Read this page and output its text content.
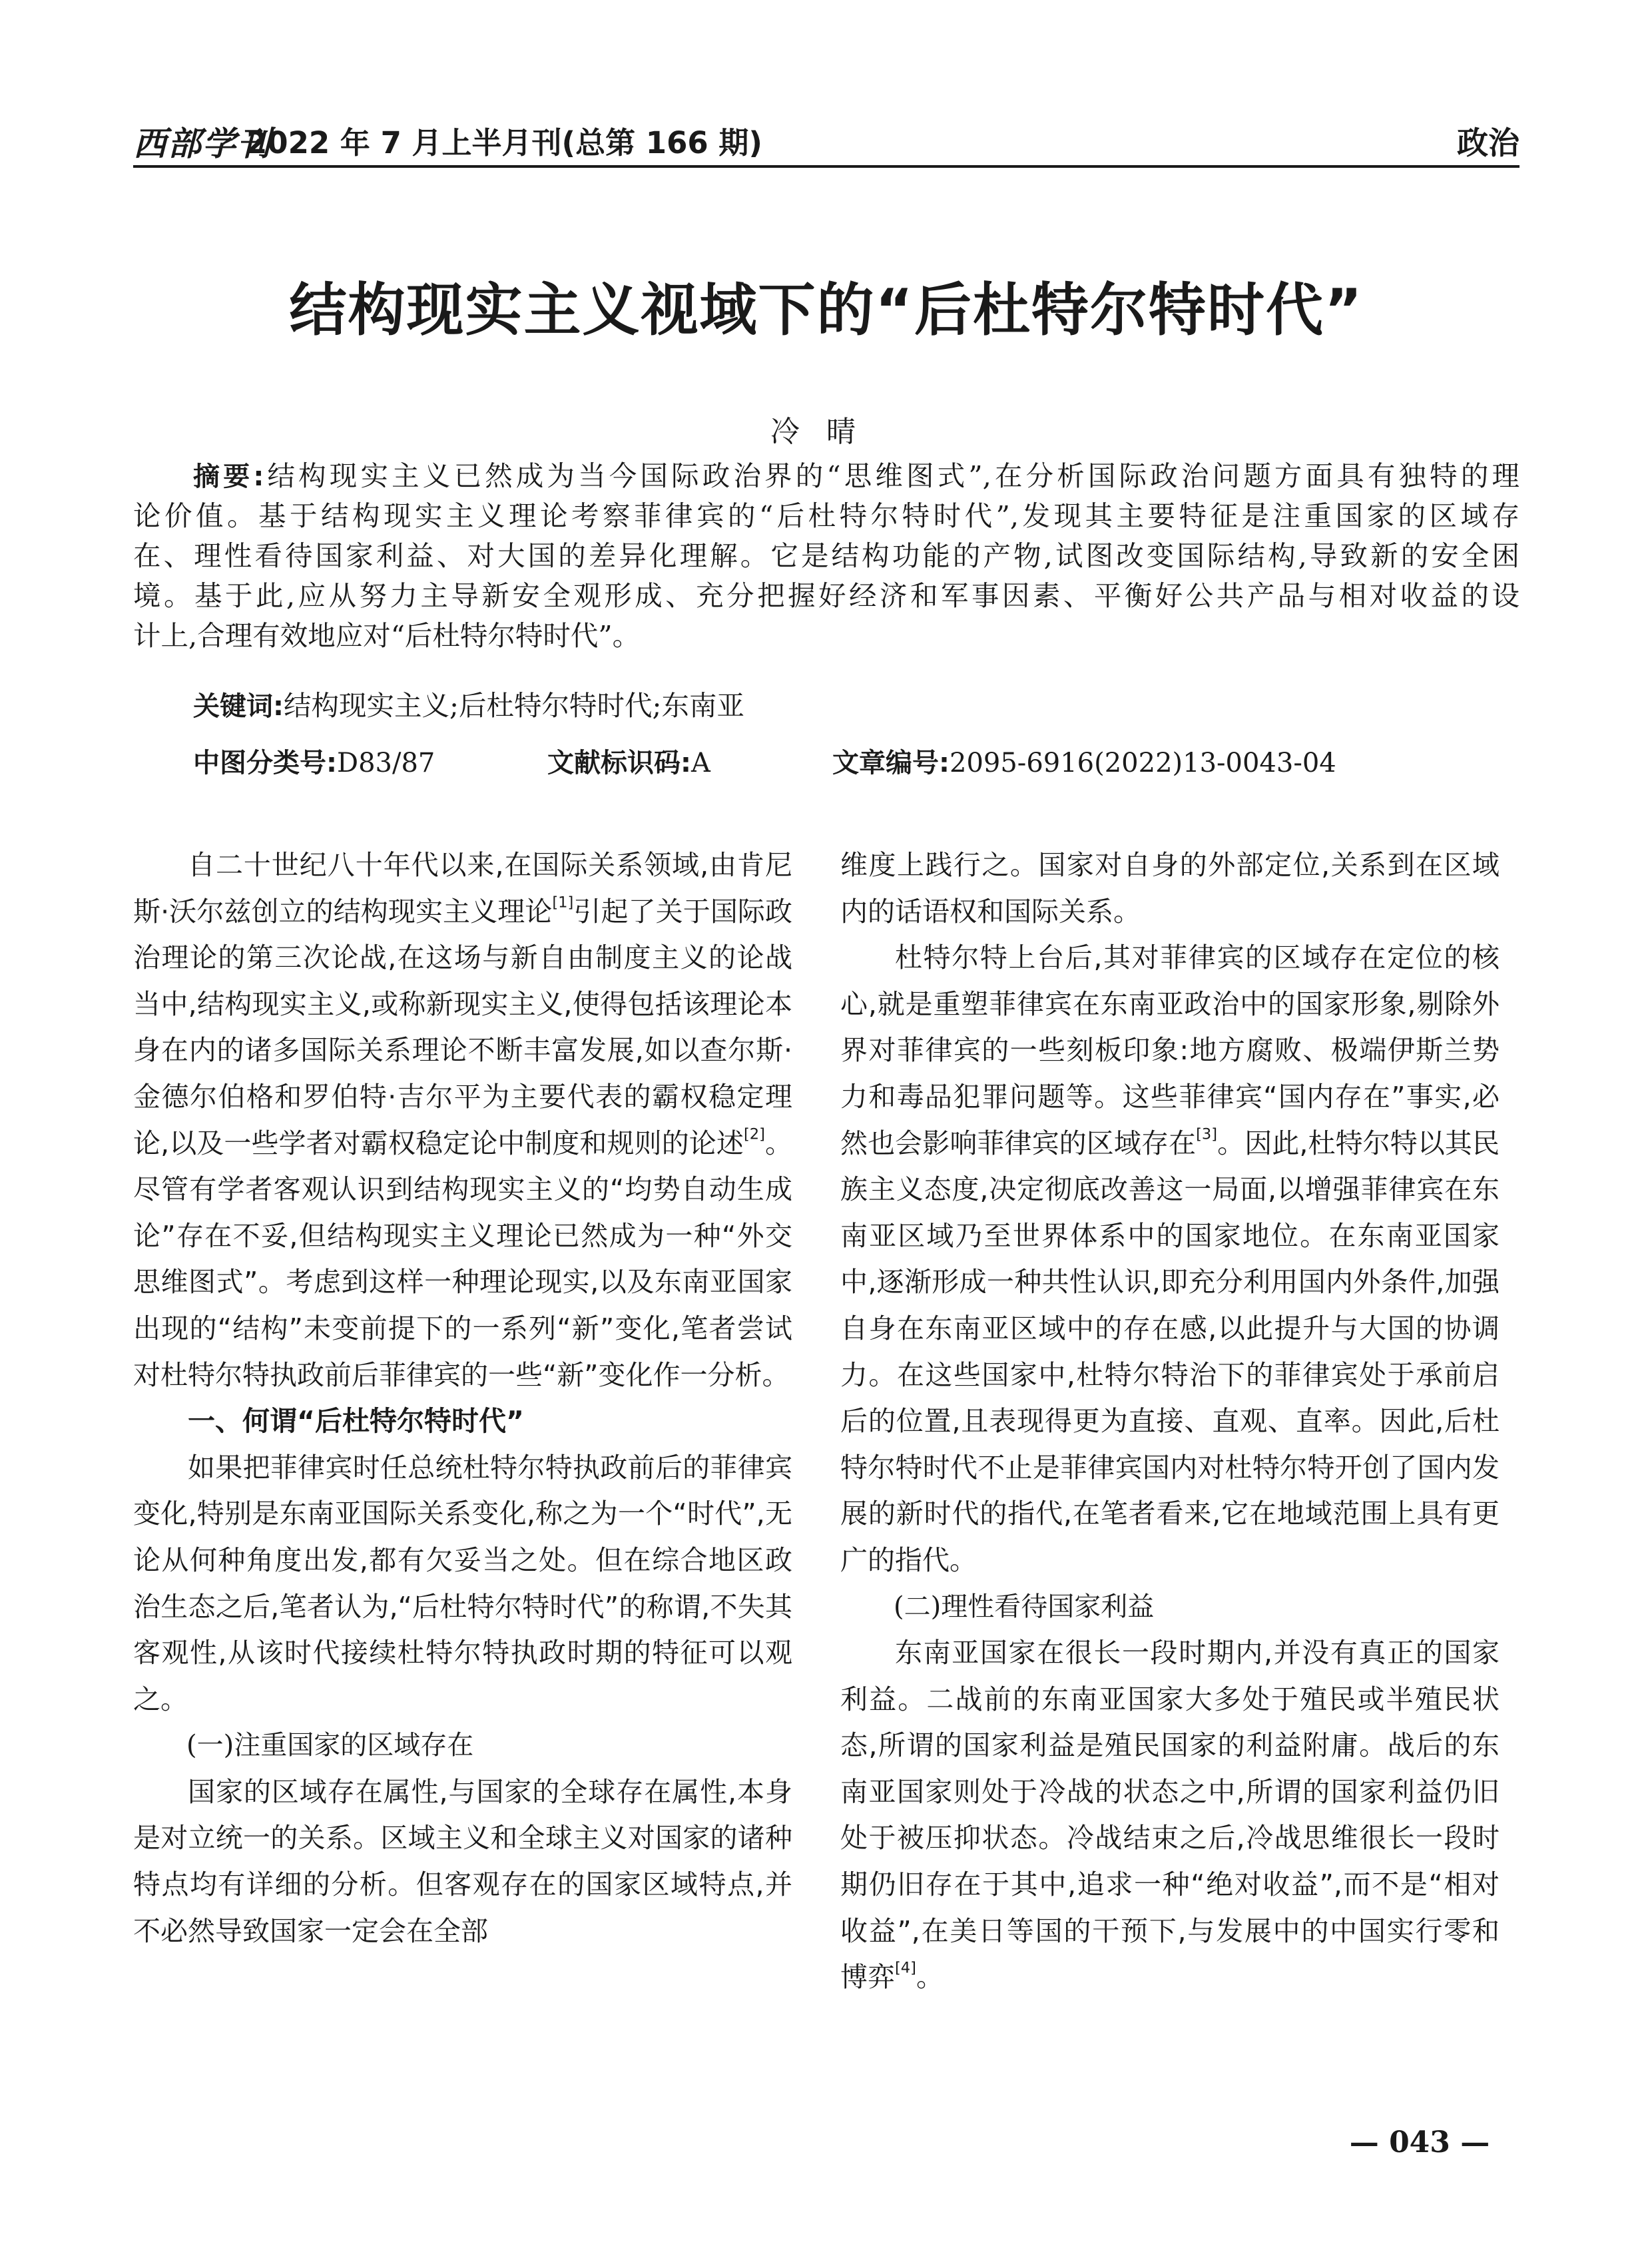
西部学刊
2022 年 7 月上半月刊(总第 166 期)	政治
结构现实主义视域下的“后杜特尔特时代”
冷晴
摘要:结构现实主义已然成为当今国际政治界的“思维图式”,在分析国际政治问题方面具有独特的理
论价值。基于结构现实主义理论考察菲律宾的“后杜特尔特时代”,发现其主要特征是注重国家的区域存
在、理性看待国家利益、对大国的差异化理解。它是结构功能的产物,试图改变国际结构,导致新的安全困
境。基于此,应从努力主导新安全观形成、充分把握好经济和军事因素、平衡好公共产品与相对收益的设
计上,合理有效地应对“后杜特尔特时代”。
关键词:结构现实主义;后杜特尔特时代;东南亚
中图分类号:D83/87	文献标识码:A	文章编号:2095-6916(2022)13-0043-04

自二十世纪八十年代以来,在国际关系领域,由肯尼斯·沃尔兹创立的结构现实主义理论[1]引起了关于国际政治理论的第三次论战,在这场与新自由制度主义的论战当中,结构现实主义,或称新现实主义,使得包括该理论本身在内的诸多国际关系理论不断丰富发展,如以查尔斯·金德尔伯格和罗伯特·吉尔平为主要代表的霸权稳定理论,以及一些学者对霸权稳定论中制度和规则的论述[2]。尽管有学者客观认识到结构现实主义的“均势自动生成论”存在不妥,但结构现实主义理论已然成为一种“外交思维图式”。考虑到这样一种理论现实,以及东南亚国家出现的“结构”未变前提下的一系列“新”变化,笔者尝试对杜特尔特执政前后菲律宾的一些“新”变化作一分析。

一、何谓“后杜特尔特时代”

如果把菲律宾时任总统杜特尔特执政前后的菲律宾变化,特别是东南亚国际关系变化,称之为一个“时代”,无论从何种角度出发,都有欠妥当之处。但在综合地区政治生态之后,笔者认为,“后杜特尔特时代”的称谓,不失其客观性,从该时代接续杜特尔特执政时期的特征可以观之。

(一)注重国家的区域存在

国家的区域存在属性,与国家的全球存在属性,本身是对立统一的关系。区域主义和全球主义对国家的诸种特点均有详细的分析。但客观存在的国家区域特点,并不必然导致国家一定会在全部

维度上践行之。国家对自身的外部定位,关系到在区域内的话语权和国际关系。

杜特尔特上台后,其对菲律宾的区域存在定位的核心,就是重塑菲律宾在东南亚政治中的国家形象,剔除外界对菲律宾的一些刻板印象:地方腐败、极端伊斯兰势力和毒品犯罪问题等。这些菲律宾“国内存在”事实,必然也会影响菲律宾的区域存在[3]。因此,杜特尔特以其民族主义态度,决定彻底改善这一局面,以增强菲律宾在东南亚区域乃至世界体系中的国家地位。在东南亚国家中,逐渐形成一种共性认识,即充分利用国内外条件,加强自身在东南亚区域中的存在感,以此提升与大国的协调力。在这些国家中,杜特尔特治下的菲律宾处于承前启后的位置,且表现得更为直接、直观、直率。因此,后杜特尔特时代不止是菲律宾国内对杜特尔特开创了国内发展的新时代的指代,在笔者看来,它在地域范围上具有更广的指代。

(二)理性看待国家利益

东南亚国家在很长一段时期内,并没有真正的国家利益。二战前的东南亚国家大多处于殖民或半殖民状态,所谓的国家利益是殖民国家的利益附庸。战后的东南亚国家则处于冷战的状态之中,所谓的国家利益仍旧处于被压抑状态。冷战结束之后,冷战思维很长一段时期仍旧存在于其中,追求一种“绝对收益”,而不是“相对收益”,在美日等国的干预下,与发展中的中国实行零和博弈[4]。

— 043 —
